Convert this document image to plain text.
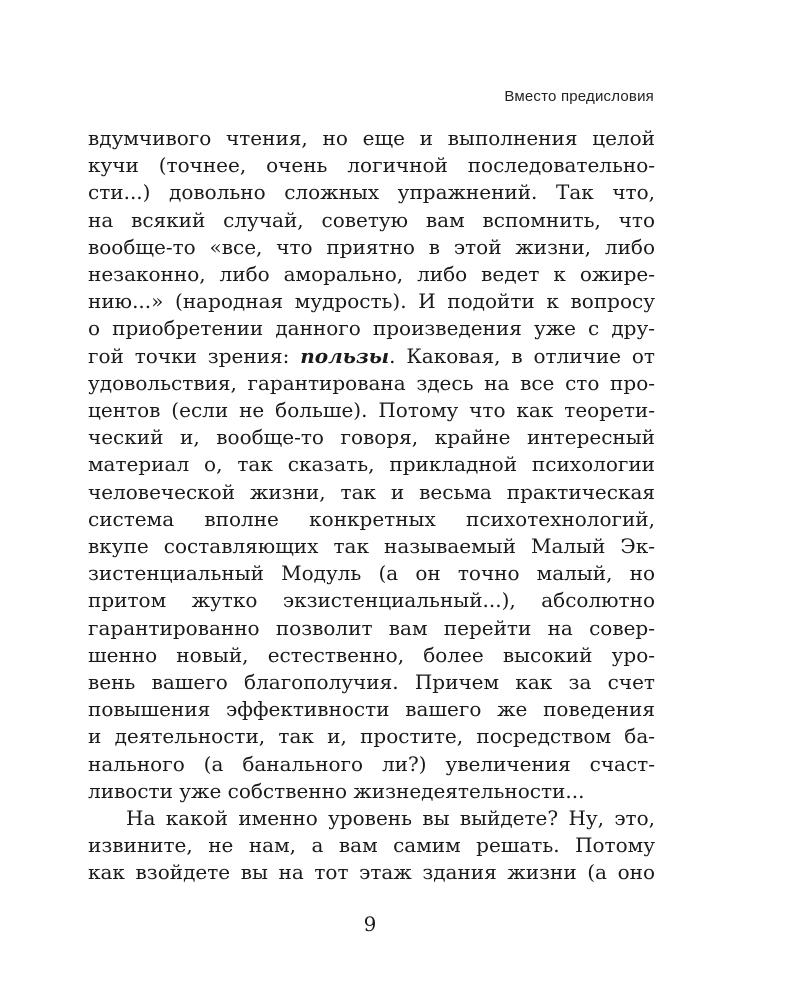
Вместо предисловия

вдумчивого чтения, но еще и выполнения целой
кучи (точнее, очень логичной последовательно-
сти...) довольно сложных упражнений. Так что,
на всякий случай, советую вам вспомнить, что
вообще-то «все, что приятно в этой жизни, либо
незаконно, либо аморально, либо ведет к ожире-
нию...» (народная мудрость). И подойти к вопросу
о приобретении данного произведения уже с дру-
гой точки зрения: пользы. Каковая, в отличие от
удовольствия, гарантирована здесь на все сто про-
центов (если не больше). Потому что как теорети-
ческий и, вообще-то говоря, крайне интересный
материал о, так сказать, прикладной психологии
человеческой жизни, так и весьма практическая
система вполне конкретных психотехнологий,
вкупе составляющих так называемый Малый Эк-
зистенциальный Модуль (а он точно малый, но
притом жутко экзистенциальный...), абсолютно
гарантированно позволит вам перейти на совер-
шенно новый, естественно, более высокий уро-
вень вашего благополучия. Причем как за счет
повышения эффективности вашего же поведения
и деятельности, так и, простите, посредством ба-
нального (а банального ли?) увеличения счаст-
ливости уже собственно жизнедеятельности...

На какой именно уровень вы выйдете? Ну, это,
извините, не нам, а вам самим решать. Потому
как взойдете вы на тот этаж здания жизни (а оно

9
